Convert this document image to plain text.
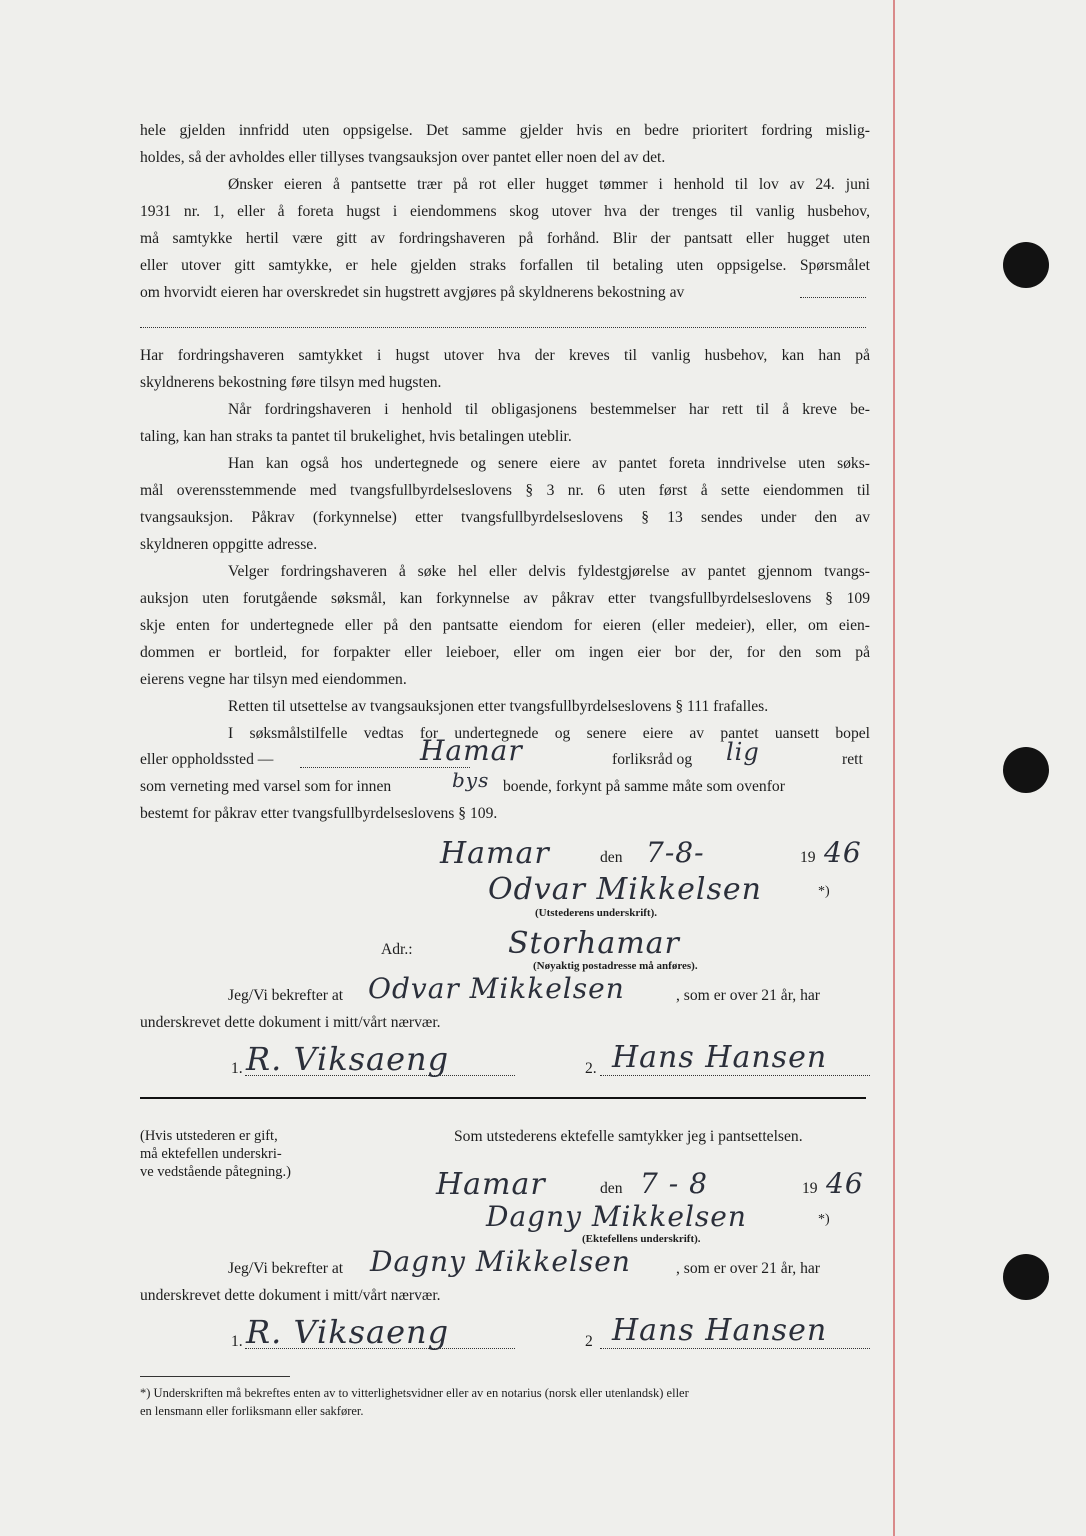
hele gjelden innfridd uten oppsigelse. Det samme gjelder hvis en bedre prioritert fordring mislig-
holdes, så der avholdes eller tillyses tvangsauksjon over pantet eller noen del av det.
Ønsker eieren å pantsette trær på rot eller hugget tømmer i henhold til lov av 24. juni
1931 nr. 1, eller å foreta hugst i eiendommens skog utover hva der trenges til vanlig husbehov,
må samtykke hertil være gitt av fordringshaveren på forhånd. Blir der pantsatt eller hugget uten
eller utover gitt samtykke, er hele gjelden straks forfallen til betaling uten oppsigelse. Spørsmålet
om hvorvidt eieren har overskredet sin hugstrett avgjøres på skyldnerens bekostning av
Har fordringshaveren samtykket i hugst utover hva der kreves til vanlig husbehov, kan han på
skyldnerens bekostning føre tilsyn med hugsten.
Når fordringshaveren i henhold til obligasjonens bestemmelser har rett til å kreve be-
taling, kan han straks ta pantet til brukelighet, hvis betalingen uteblir.
Han kan også hos undertegnede og senere eiere av pantet foreta inndrivelse uten søks-
mål overensstemmende med tvangsfullbyrdelseslovens § 3 nr. 6 uten først å sette eiendommen til
tvangsauksjon. Påkrav (forkynnelse) etter tvangsfullbyrdelseslovens § 13 sendes under den av
skyldneren oppgitte adresse.
Velger fordringshaveren å søke hel eller delvis fyldestgjørelse av pantet gjennom tvangs-
auksjon uten forutgående søksmål, kan forkynnelse av påkrav etter tvangsfullbyrdelseslovens § 109
skje enten for undertegnede eller på den pantsatte eiendom for eieren (eller medeier), eller, om eien-
dommen er bortleid, for forpakter eller leieboer, eller om ingen eier bor der, for den som på
eierens vegne har tilsyn med eiendommen.
Retten til utsettelse av tvangsauksjonen etter tvangsfullbyrdelseslovens § 111 frafalles.
I søksmålstilfelle vedtas for undertegnede og senere eiere av pantet uansett bopel
eller oppholdssted —	Hamar	forliksråd og lig	rett
som verneting med varsel som for innen	bys boende, forkynt på samme måte som ovenfor
bestemt for påkrav etter tvangsfullbyrdelseslovens § 109.
Hamar	den 7-8-	19 46
Odvar Mikkelsen	*)
(Utstederens underskrift).
Adr.:	Storhamar
(Nøyaktig postadresse må anføres).
Jeg/Vi bekrefter at Odvar Mikkelsen	, som er over 21 år, har
underskrevet dette dokument i mitt/vårt nærvær.
1. R. Viksaeng	2. Hans Hansen
(Hvis utstederen er gift,
må ektefellen underskri-
ve vedstående påtegning.)
Som utstederens ektefelle samtykker jeg i pantsettelsen.
Hamar	den 7 - 8	19 46
Dagny Mikkelsen	*)
(Ektefellens underskrift).
Jeg/Vi bekrefter at Dagny Mikkelsen	, som er over 21 år, har
underskrevet dette dokument i mitt/vårt nærvær.
1. R. Viksaeng	2 Hans Hansen
*) Underskriften må bekreftes enten av to vitterlighetsvidner eller av en notarius (norsk eller utenlandsk) eller
en lensmann eller forliksmann eller sakfører.
